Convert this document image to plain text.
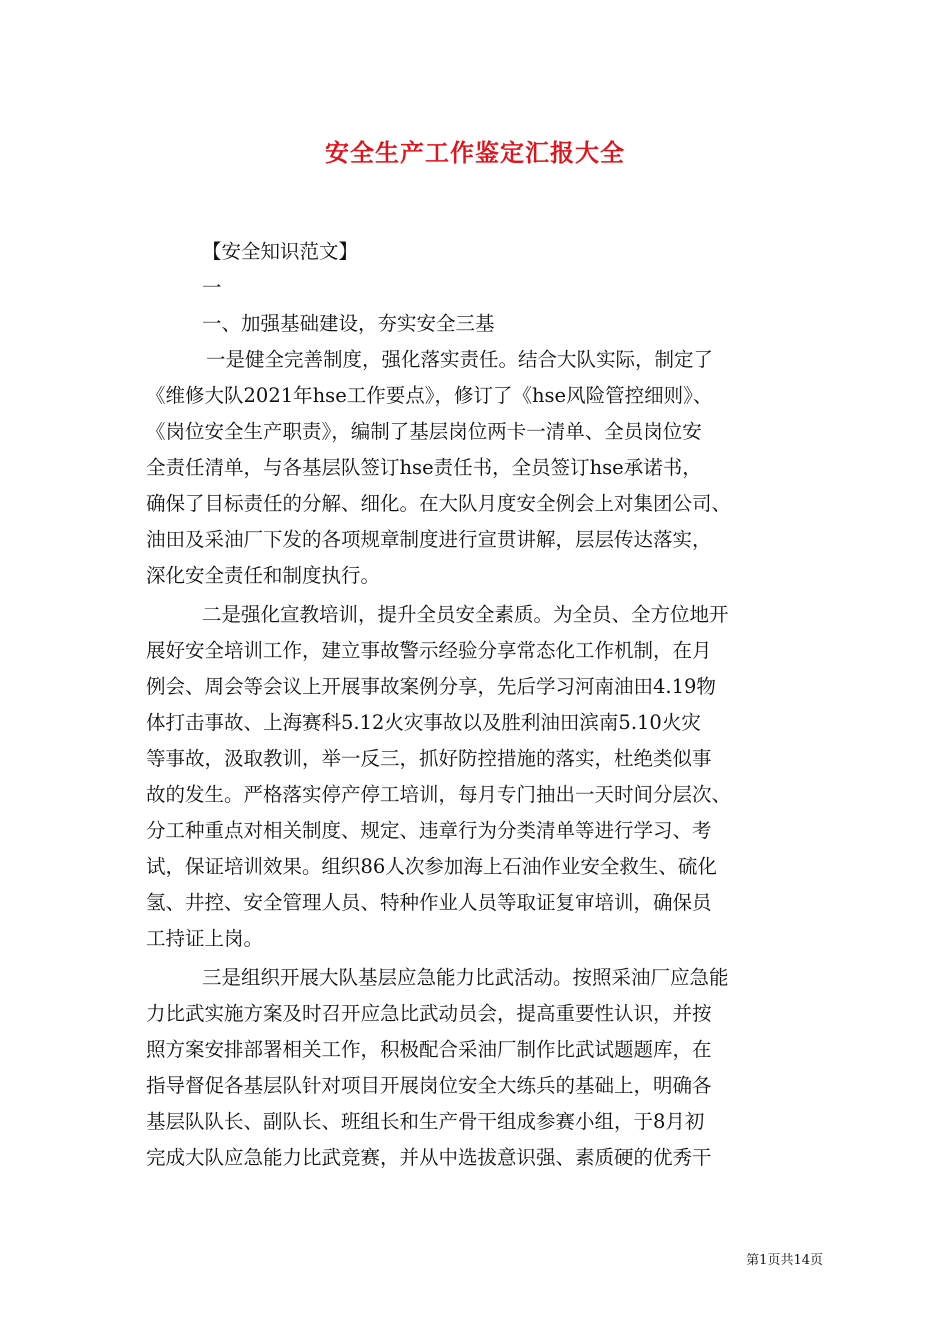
安全生产工作鉴定汇报大全
【安全知识范文】
一
一、加强基础建设，夯实安全三基
一是健全完善制度，强化落实责任。结合大队实际，制定了
《维修大队2021年hse工作要点》，修订了《hse风险管控细则》、
《岗位安全生产职责》，编制了基层岗位两卡一清单、全员岗位安
全责任清单，与各基层队签订hse责任书，全员签订hse承诺书，
确保了目标责任的分解、细化。在大队月度安全例会上对集团公司、
油田及采油厂下发的各项规章制度进行宣贯讲解，层层传达落实，
深化安全责任和制度执行。
二是强化宣教培训，提升全员安全素质。为全员、全方位地开
展好安全培训工作，建立事故警示经验分享常态化工作机制，在月
例会、周会等会议上开展事故案例分享，先后学习河南油田4.19物
体打击事故、上海赛科5.12火灾事故以及胜利油田滨南5.10火灾
等事故，汲取教训，举一反三，抓好防控措施的落实，杜绝类似事
故的发生。严格落实停产停工培训，每月专门抽出一天时间分层次、
分工种重点对相关制度、规定、违章行为分类清单等进行学习、考
试，保证培训效果。组织86人次参加海上石油作业安全救生、硫化
氢、井控、安全管理人员、特种作业人员等取证复审培训，确保员
工持证上岗。
三是组织开展大队基层应急能力比武活动。按照采油厂应急能
力比武实施方案及时召开应急比武动员会，提高重要性认识，并按
照方案安排部署相关工作，积极配合采油厂制作比武试题题库，在
指导督促各基层队针对项目开展岗位安全大练兵的基础上，明确各
基层队队长、副队长、班组长和生产骨干组成参赛小组，于8月初
完成大队应急能力比武竞赛，并从中选拔意识强、素质硬的优秀干
第1页共14页
